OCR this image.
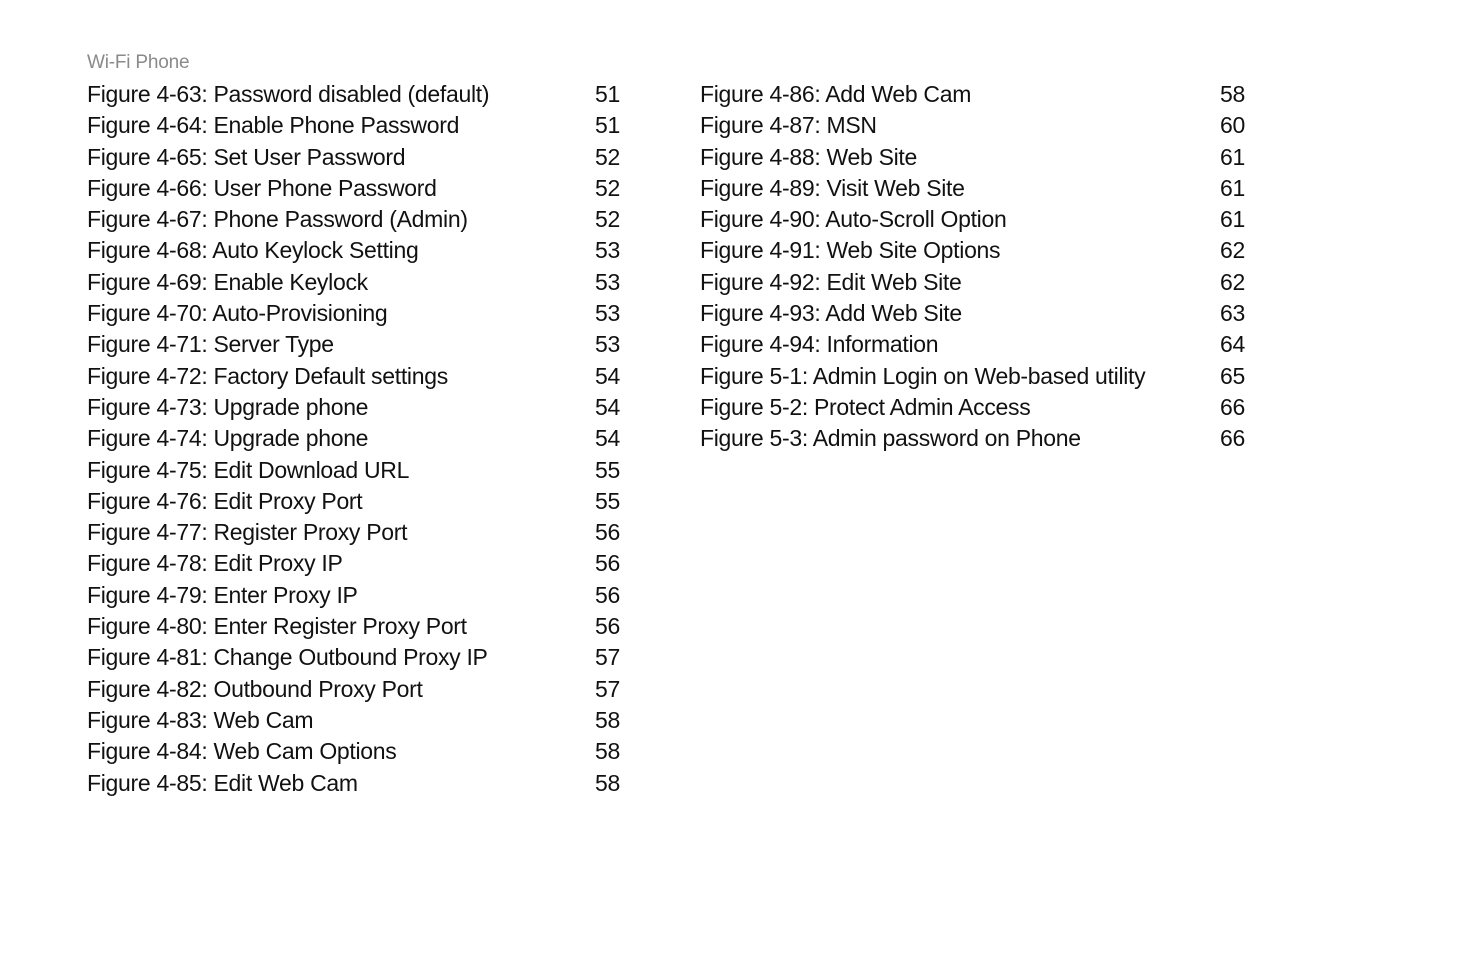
Wi-Fi Phone
Figure 4-63: Password disabled (default)	51
Figure 4-64: Enable Phone Password	51
Figure 4-65: Set User Password	52
Figure 4-66: User Phone Password	52
Figure 4-67: Phone Password (Admin)	52
Figure 4-68: Auto Keylock Setting	53
Figure 4-69: Enable Keylock	53
Figure 4-70: Auto-Provisioning	53
Figure 4-71: Server Type	53
Figure 4-72: Factory Default settings	54
Figure 4-73: Upgrade phone	54
Figure 4-74: Upgrade phone	54
Figure 4-75: Edit Download URL	55
Figure 4-76: Edit Proxy Port	55
Figure 4-77: Register Proxy Port	56
Figure 4-78: Edit Proxy IP	56
Figure 4-79: Enter Proxy IP	56
Figure 4-80: Enter Register Proxy Port	56
Figure 4-81: Change Outbound Proxy IP	57
Figure 4-82: Outbound Proxy Port	57
Figure 4-83: Web Cam	58
Figure 4-84: Web Cam Options	58
Figure 4-85: Edit Web Cam	58
Figure 4-86: Add Web Cam	58
Figure 4-87: MSN	60
Figure 4-88: Web Site	61
Figure 4-89: Visit Web Site	61
Figure 4-90: Auto-Scroll Option	61
Figure 4-91: Web Site Options	62
Figure 4-92: Edit Web Site	62
Figure 4-93: Add Web Site	63
Figure 4-94: Information	64
Figure 5-1: Admin Login on Web-based utility	65
Figure 5-2: Protect Admin Access	66
Figure 5-3: Admin password on Phone	66
